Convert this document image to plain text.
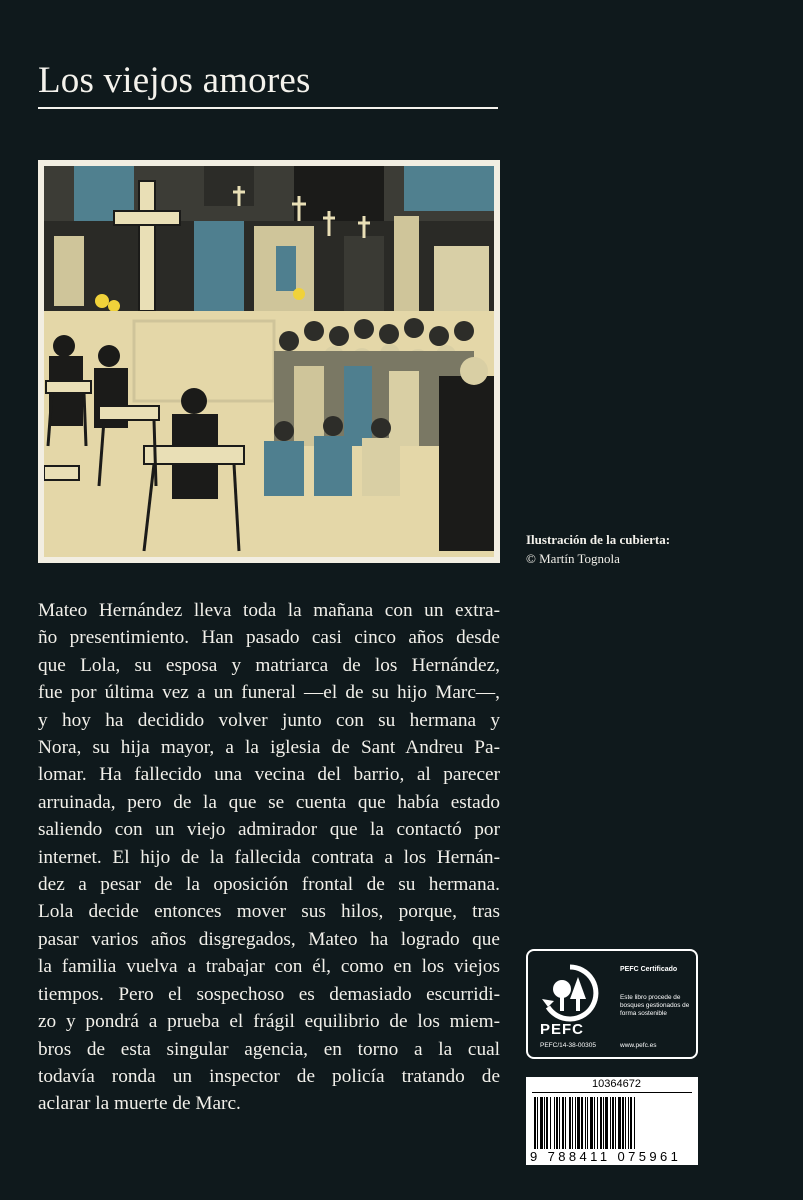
Los viejos amores
Ilustración de la cubierta:
© Martín Tognola
Mateo Hernández lleva toda la mañana con un extra-
ño presentimiento. Han pasado casi cinco años desde
que Lola, su esposa y matriarca de los Hernández,
fue por última vez a un funeral —el de su hijo Marc—,
y hoy ha decidido volver junto con su hermana y
Nora, su hija mayor, a la iglesia de Sant Andreu Pa-
lomar. Ha fallecido una vecina del barrio, al parecer
arruinada, pero de la que se cuenta que había estado
saliendo con un viejo admirador que la contactó por
internet. El hijo de la fallecida contrata a los Hernán-
dez a pesar de la oposición frontal de su hermana.
Lola decide entonces mover sus hilos, porque, tras
pasar varios años disgregados, Mateo ha logrado que
la familia vuelva a trabajar con él, como en los viejos
tiempos. Pero el sospechoso es demasiado escurridi-
zo y pondrá a prueba el frágil equilibrio de los miem-
bros de esta singular agencia, en torno a la cual
todavía ronda un inspector de policía tratando de
aclarar la muerte de Marc.
PEFC
PEFC Certificado
Este libro procede de bosques gestionados de forma sostenible
PEFC/14-38-00305	www.pefc.es
10364672
9 788411 075961
